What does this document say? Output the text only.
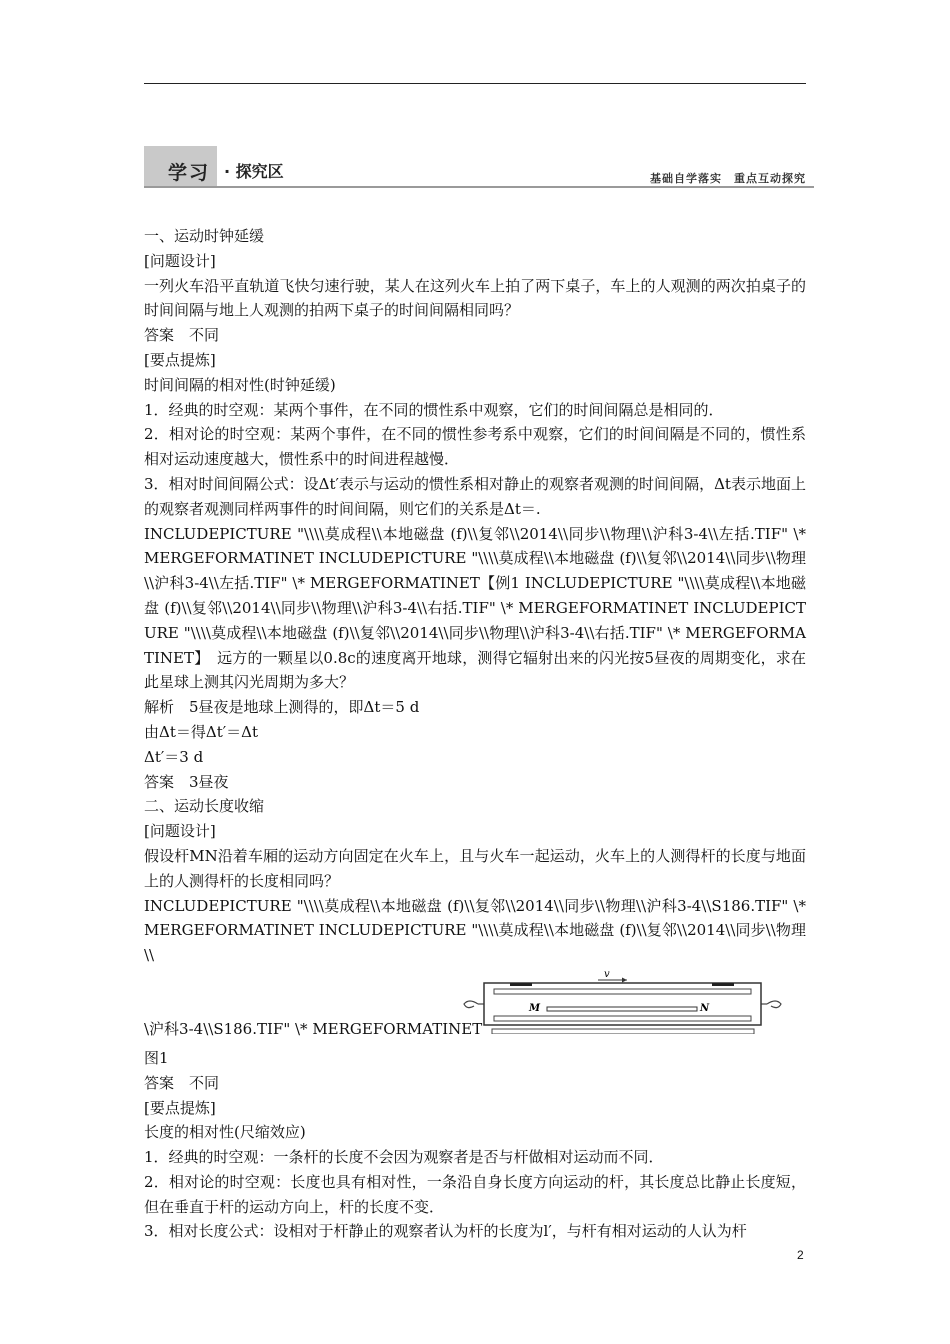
学习 · 探究区	基础自学落实　重点互动探究
一、运动时钟延缓
[问题设计]
一列火车沿平直轨道飞快匀速行驶，某人在这列火车上拍了两下桌子，车上的人观测的两次拍桌子的时间间隔与地上人观测的拍两下桌子的时间间隔相同吗？
答案　不同
[要点提炼]
时间间隔的相对性(时钟延缓)
1．经典的时空观：某两个事件，在不同的惯性系中观察，它们的时间间隔总是相同的．
2．相对论的时空观：某两个事件，在不同的惯性参考系中观察，它们的时间间隔是不同的，惯性系相对运动速度越大，惯性系中的时间进程越慢．
3．相对时间间隔公式：设Δt′表示与运动的惯性系相对静止的观察者观测的时间间隔，Δt表示地面上的观察者观测同样两事件的时间间隔，则它们的关系是Δt＝.
INCLUDEPICTURE "\\\\莫成程\\本地磁盘 (f)\\复邻\\2014\\同步\\物理\\沪科3-4\\左括.TIF" \* MERGEFORMATINET INCLUDEPICTURE "\\\\莫成程\\本地磁盘 (f)\\复邻\\2014\\同步\\物理\\沪科3-4\\左括.TIF" \* MERGEFORMATINET【例1 INCLUDEPICTURE "\\\\莫成程\\本地磁盘 (f)\\复邻\\2014\\同步\\物理\\沪科3-4\\右括.TIF" \* MERGEFORMATINET INCLUDEPICTURE "\\\\莫成程\\本地磁盘 (f)\\复邻\\2014\\同步\\物理\\沪科3-4\\右括.TIF" \* MERGEFORMATINET】　远方的一颗星以0.8c的速度离开地球，测得它辐射出来的闪光按5昼夜的周期变化，求在此星球上测其闪光周期为多大？
解析　5昼夜是地球上测得的，即Δt＝5 d
由Δt＝得Δt′＝Δt
Δt′＝3 d
答案　3昼夜
二、运动长度收缩
[问题设计]
假设杆MN沿着车厢的运动方向固定在火车上，且与火车一起运动，火车上的人测得杆的长度与地面上的人测得杆的长度相同吗？
INCLUDEPICTURE "\\\\莫成程\\本地磁盘 (f)\\复邻\\2014\\同步\\物理\\沪科3-4\\S186.TIF" \* MERGEFORMATINET INCLUDEPICTURE "\\\\莫成程\\本地磁盘 (f)\\复邻\\2014\\同步\\物理\\
\沪科3-4\\S186.TIF" \* MERGEFORMATINET
M	N
v
图1
答案　不同
[要点提炼]
长度的相对性(尺缩效应)
1．经典的时空观：一条杆的长度不会因为观察者是否与杆做相对运动而不同．
2．相对论的时空观：长度也具有相对性，一条沿自身长度方向运动的杆，其长度总比静止长度短，但在垂直于杆的运动方向上，杆的长度不变．
3．相对长度公式：设相对于杆静止的观察者认为杆的长度为l′，与杆有相对运动的人认为杆
2
